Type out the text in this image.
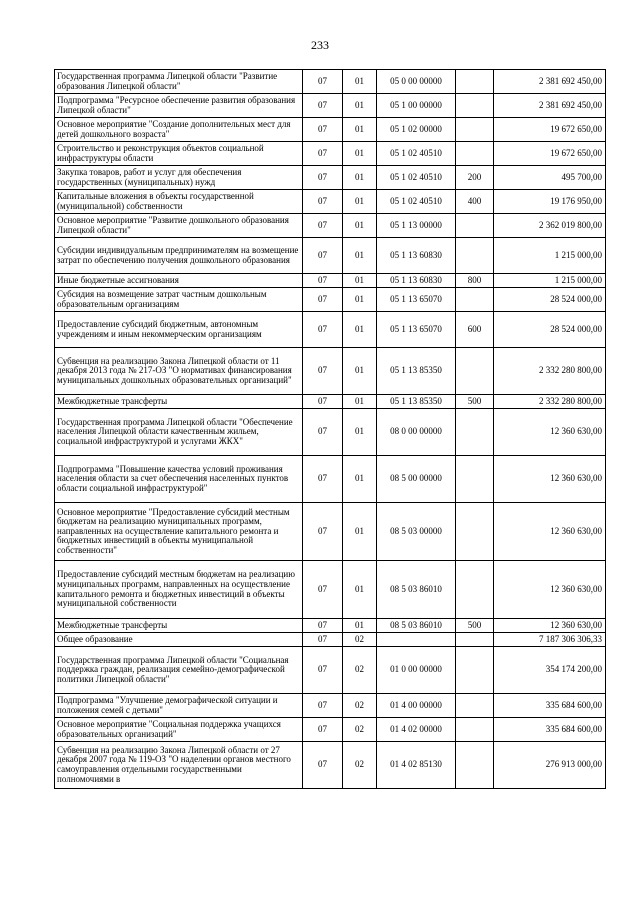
233
Государственная программа Липецкой области "Развитие образования Липецкой области"	07	01	05 0 00 00000		2 381 692 450,00
Подпрограмма "Ресурсное обеспечение развития образования Липецкой области"	07	01	05 1 00 00000		2 381 692 450,00
Основное мероприятие "Создание дополнительных мест для детей дошкольного возраста"	07	01	05 1 02 00000		19 672 650,00
Строительство и реконструкция объектов социальной инфраструктуры области	07	01	05 1 02 40510		19 672 650,00
Закупка товаров, работ и услуг для обеспечения государственных (муниципальных) нужд	07	01	05 1 02 40510	200	495 700,00
Капитальные вложения в объекты государственной (муниципальной) собственности	07	01	05 1 02 40510	400	19 176 950,00
Основное мероприятие "Развитие дошкольного образования Липецкой области"	07	01	05 1 13 00000		2 362 019 800,00
Субсидии индивидуальным предпринимателям на возмещение затрат по обеспечению получения дошкольного образования	07	01	05 1 13 60830		1 215 000,00
Иные бюджетные ассигнования	07	01	05 1 13 60830	800	1 215 000,00
Субсидия на возмещение затрат частным дошкольным образовательным организациям	07	01	05 1 13 65070		28 524 000,00
Предоставление субсидий бюджетным, автономным учреждениям и иным некоммерческим организациям	07	01	05 1 13 65070	600	28 524 000,00
Субвенция на реализацию Закона Липецкой области от 11 декабря 2013 года № 217-ОЗ "О нормативах финансирования муниципальных дошкольных образовательных организаций"	07	01	05 1 13 85350		2 332 280 800,00
Межбюджетные трансферты	07	01	05 1 13 85350	500	2 332 280 800,00
Государственная программа Липецкой области "Обеспечение населения Липецкой области качественным жильем, социальной инфраструктурой и услугами ЖКХ"	07	01	08 0 00 00000		12 360 630,00
Подпрограмма "Повышение качества условий проживания населения области за счет обеспечения населенных пунктов области социальной инфраструктурой"	07	01	08 5 00 00000		12 360 630,00
Основное мероприятие "Предоставление субсидий местным бюджетам на реализацию муниципальных программ, направленных на осуществление капитального ремонта и бюджетных инвестиций в объекты муниципальной собственности"	07	01	08 5 03 00000		12 360 630,00
Предоставление субсидий местным бюджетам на реализацию муниципальных программ, направленных на осуществление капитального ремонта и бюджетных инвестиций в объекты муниципальной собственности	07	01	08 5 03 86010		12 360 630,00
Межбюджетные трансферты	07	01	08 5 03 86010	500	12 360 630,00
Общее образование	07	02			7 187 306 306,33
Государственная программа Липецкой области "Социальная поддержка граждан, реализация семейно-демографической политики Липецкой области"	07	02	01 0 00 00000		354 174 200,00
Подпрограмма "Улучшение демографической ситуации и положения семей с детьми"	07	02	01 4 00 00000		335 684 600,00
Основное мероприятие "Социальная поддержка учащихся образовательных организаций"	07	02	01 4 02 00000		335 684 600,00
Субвенция на реализацию Закона Липецкой области от 27 декабря 2007 года № 119-ОЗ "О наделении органов местного самоуправления отдельными государственными полномочиями в	07	02	01 4 02 85130		276 913 000,00
